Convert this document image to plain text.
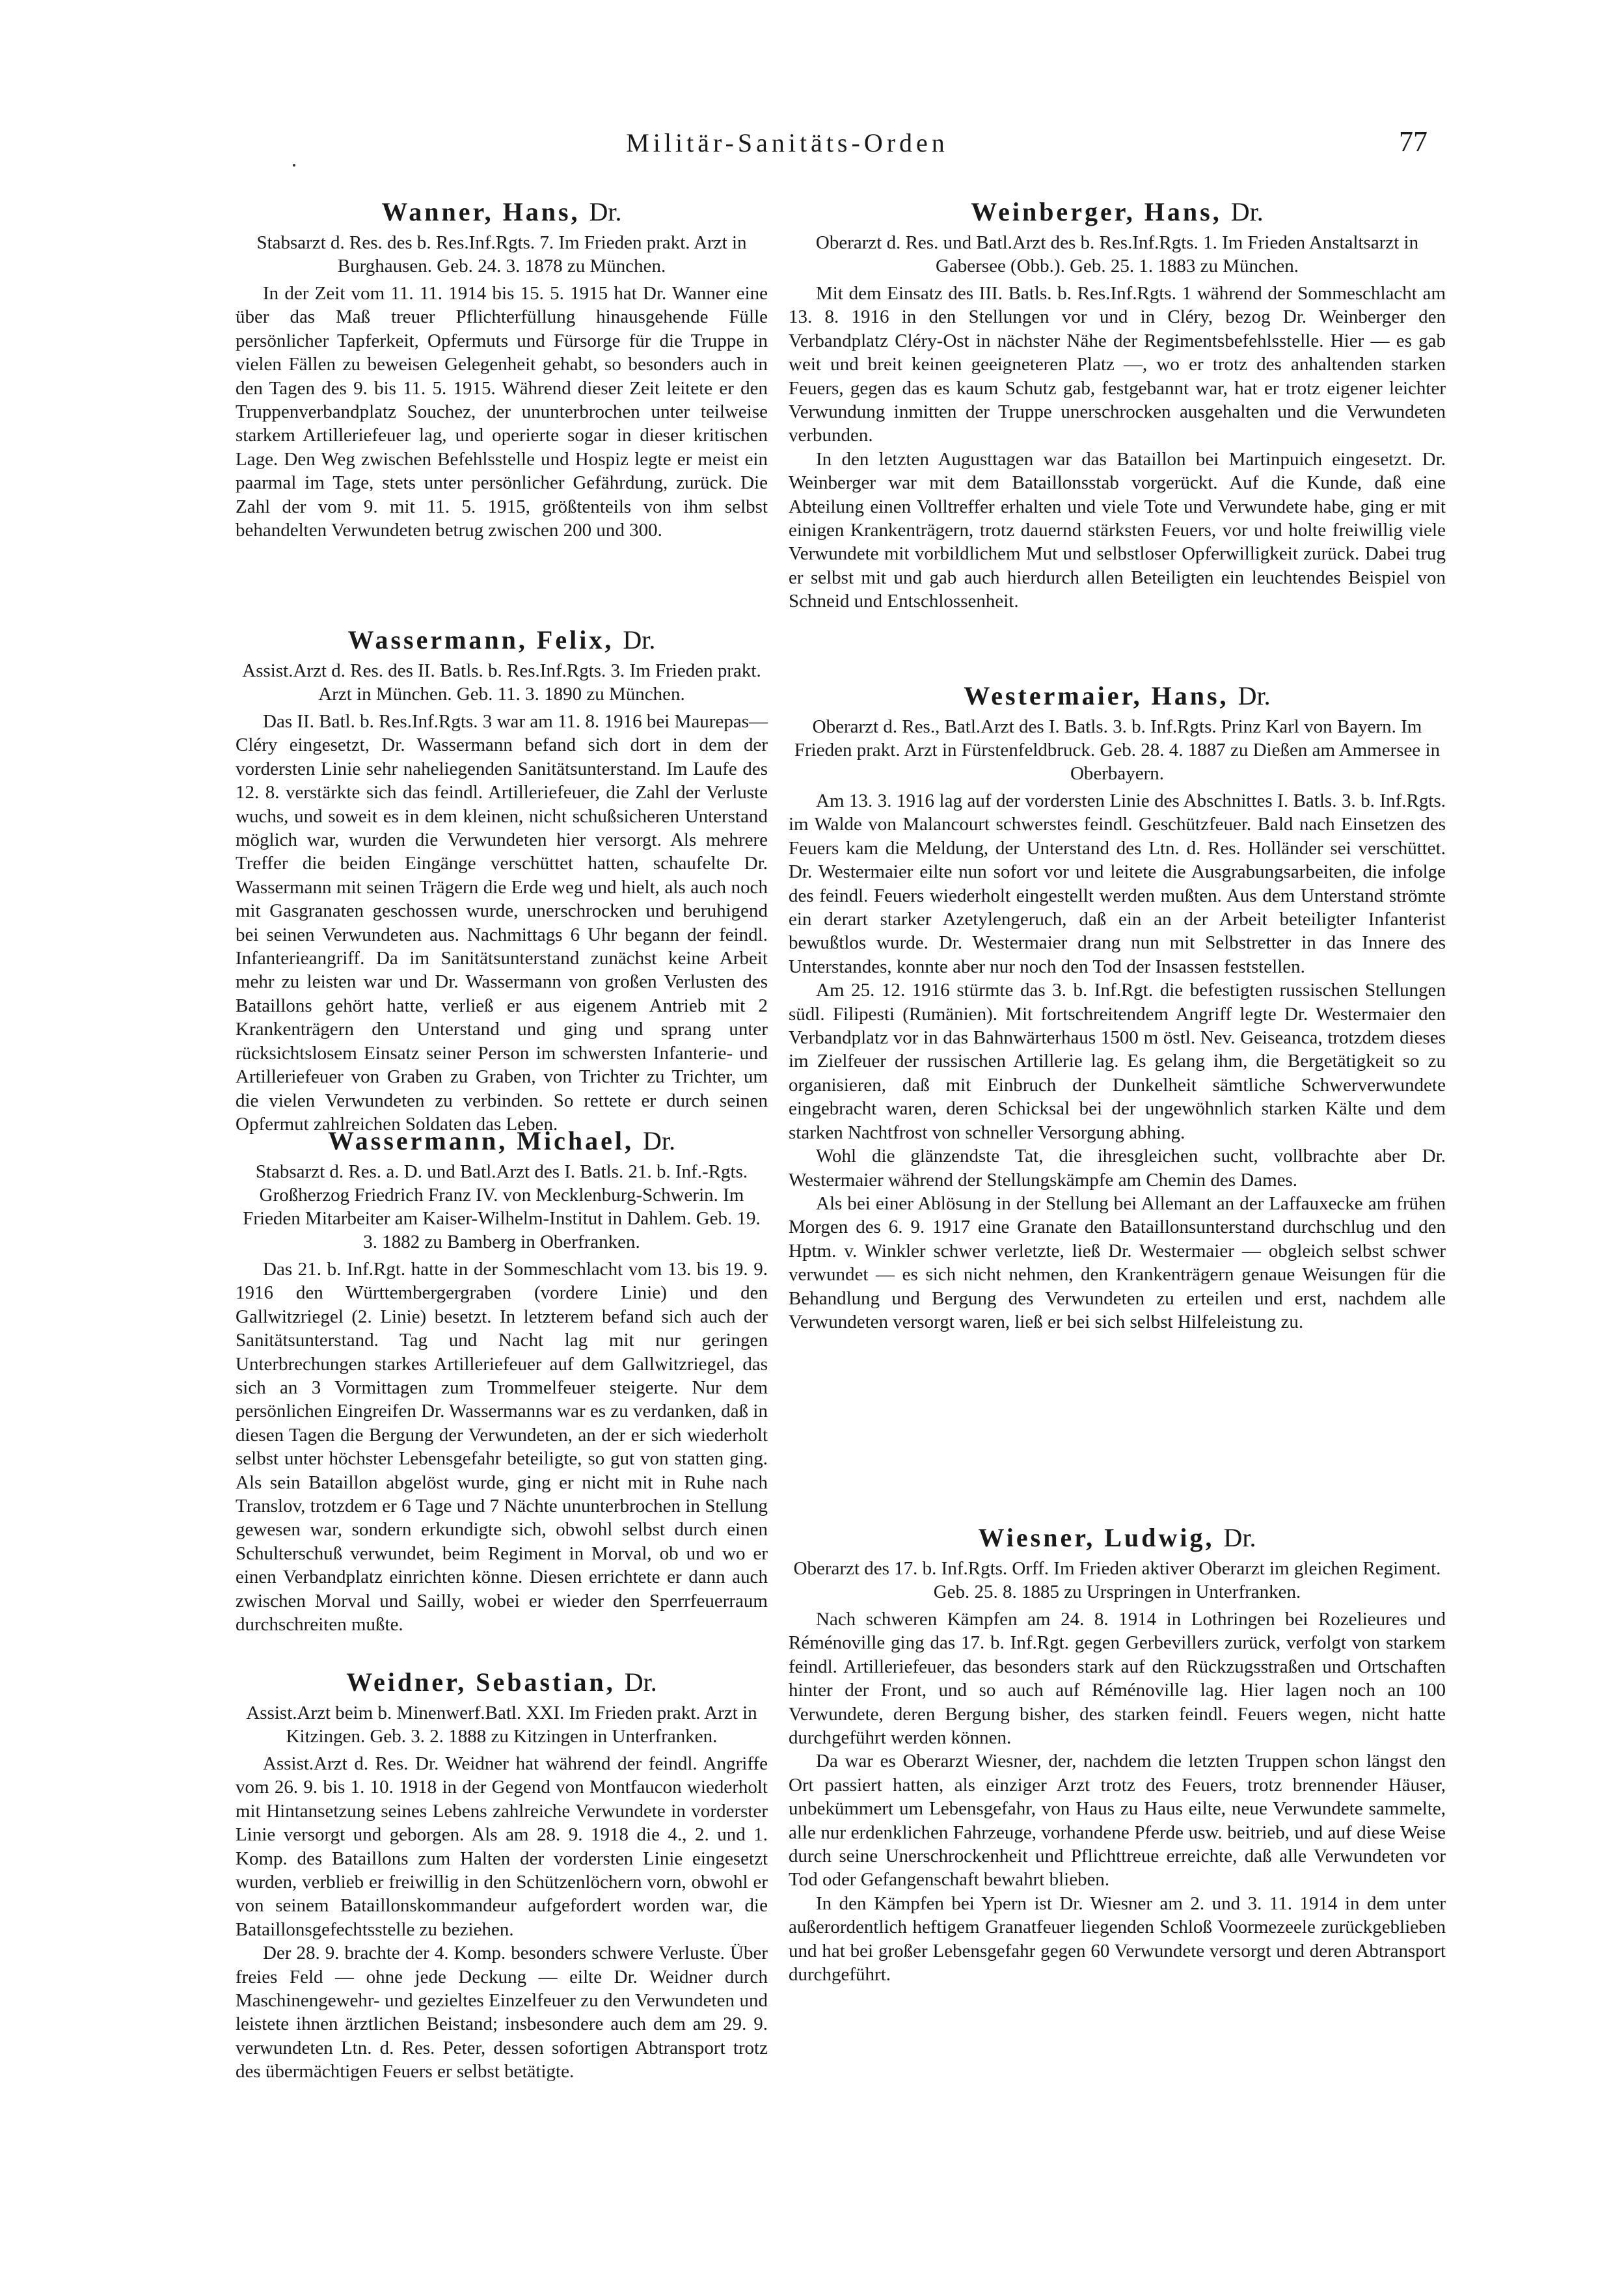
Militär-Sanitäts-Orden	77
Wanner, Hans, Dr.
Stabsarzt d. Res. des b. Res.Inf.Rgts. 7. Im Frieden prakt. Arzt in Burghausen. Geb. 24. 3. 1878 zu München.

In der Zeit vom 11. 11. 1914 bis 15. 5. 1915 hat Dr. Wanner eine über das Maß treuer Pflichterfüllung hinausgehende Fülle persönlicher Tapferkeit, Opfermuts und Fürsorge für die Truppe in vielen Fällen zu beweisen Gelegenheit gehabt, so besonders auch in den Tagen des 9. bis 11. 5. 1915. Während dieser Zeit leitete er den Truppenverbandplatz Souchez, der ununterbrochen unter teilweise starkem Artilleriefeuer lag, und operierte sogar in dieser kritischen Lage. Den Weg zwischen Befehlsstelle und Hospiz legte er meist ein paarmal im Tage, stets unter persönlicher Gefährdung, zurück. Die Zahl der vom 9. mit 11. 5. 1915, größtenteils von ihm selbst behandelten Verwundeten betrug zwischen 200 und 300.

Wassermann, Felix, Dr.
Assist.Arzt d. Res. des II. Batls. b. Res.Inf.Rgts. 3. Im Frieden prakt. Arzt in München. Geb. 11. 3. 1890 zu München.

Das II. Batl. b. Res.Inf.Rgts. 3 war am 11. 8. 1916 bei Maurepas—Cléry eingesetzt, Dr. Wassermann befand sich dort in dem der vordersten Linie sehr naheliegenden Sanitätsunterstand. Im Laufe des 12. 8. verstärkte sich das feindl. Artilleriefeuer, die Zahl der Verluste wuchs, und soweit es in dem kleinen, nicht schußsicheren Unterstand möglich war, wurden die Verwundeten hier versorgt. Als mehrere Treffer die beiden Eingänge verschüttet hatten, schaufelte Dr. Wassermann mit seinen Trägern die Erde weg und hielt, als auch noch mit Gasgranaten geschossen wurde, unerschrocken und beruhigend bei seinen Verwundeten aus. Nachmittags 6 Uhr begann der feindl. Infanterieangriff. Da im Sanitätsunterstand zunächst keine Arbeit mehr zu leisten war und Dr. Wassermann von großen Verlusten des Bataillons gehört hatte, verließ er aus eigenem Antrieb mit 2 Krankenträgern den Unterstand und ging und sprang unter rücksichtslosem Einsatz seiner Person im schwersten Infanterie- und Artilleriefeuer von Graben zu Graben, von Trichter zu Trichter, um die vielen Verwundeten zu verbinden. So rettete er durch seinen Opfermut zahlreichen Soldaten das Leben.

Wassermann, Michael, Dr.
Stabsarzt d. Res. a. D. und Batl.Arzt des I. Batls. 21. b. Inf.-Rgts. Großherzog Friedrich Franz IV. von Mecklenburg-Schwerin. Im Frieden Mitarbeiter am Kaiser-Wilhelm-Institut in Dahlem. Geb. 19. 3. 1882 zu Bamberg in Oberfranken.

Das 21. b. Inf.Rgt. hatte in der Sommeschlacht vom 13. bis 19. 9. 1916 den Württembergergraben (vordere Linie) und den Gallwitzriegel (2. Linie) besetzt. In letzterem befand sich auch der Sanitätsunterstand. Tag und Nacht lag mit nur geringen Unterbrechungen starkes Artilleriefeuer auf dem Gallwitzriegel, das sich an 3 Vormittagen zum Trommelfeuer steigerte. Nur dem persönlichen Eingreifen Dr. Wassermanns war es zu verdanken, daß in diesen Tagen die Bergung der Verwundeten, an der er sich wiederholt selbst unter höchster Lebensgefahr beteiligte, so gut von statten ging. Als sein Bataillon abgelöst wurde, ging er nicht mit in Ruhe nach Translov, trotzdem er 6 Tage und 7 Nächte ununterbrochen in Stellung gewesen war, sondern erkundigte sich, obwohl selbst durch einen Schulterschuß verwundet, beim Regiment in Morval, ob und wo er einen Verbandplatz einrichten könne. Diesen errichtete er dann auch zwischen Morval und Sailly, wobei er wieder den Sperrfeuerraum durchschreiten mußte.

Weidner, Sebastian, Dr.
Assist.Arzt beim b. Minenwerf.Batl. XXI. Im Frieden prakt. Arzt in Kitzingen. Geb. 3. 2. 1888 zu Kitzingen in Unterfranken.

Assist.Arzt d. Res. Dr. Weidner hat während der feindl. Angriffe vom 26. 9. bis 1. 10. 1918 in der Gegend von Montfaucon wiederholt mit Hintansetzung seines Lebens zahlreiche Verwundete in vorderster Linie versorgt und geborgen. Als am 28. 9. 1918 die 4., 2. und 1. Komp. des Bataillons zum Halten der vordersten Linie eingesetzt wurden, verblieb er freiwillig in den Schützenlöchern vorn, obwohl er von seinem Bataillonskommandeur aufgefordert worden war, die Bataillonsgefechtsstelle zu beziehen.

Der 28. 9. brachte der 4. Komp. besonders schwere Verluste. Über freies Feld — ohne jede Deckung — eilte Dr. Weidner durch Maschinengewehr- und gezieltes Einzelfeuer zu den Verwundeten und leistete ihnen ärztlichen Beistand; insbesondere auch dem am 29. 9. verwundeten Ltn. d. Res. Peter, dessen sofortigen Abtransport trotz des übermächtigen Feuers er selbst betätigte.

Weinberger, Hans, Dr.
Oberarzt d. Res. und Batl.Arzt des b. Res.Inf.Rgts. 1. Im Frieden Anstaltsarzt in Gabersee (Obb.). Geb. 25. 1. 1883 zu München.

Mit dem Einsatz des III. Batls. b. Res.Inf.Rgts. 1 während der Sommeschlacht am 13. 8. 1916 in den Stellungen vor und in Cléry, bezog Dr. Weinberger den Verbandplatz Cléry-Ost in nächster Nähe der Regimentsbefehlsstelle. Hier — es gab weit und breit keinen geeigneteren Platz —, wo er trotz des anhaltenden starken Feuers, gegen das es kaum Schutz gab, festgebannt war, hat er trotz eigener leichter Verwundung inmitten der Truppe unerschrocken ausgehalten und die Verwundeten verbunden.

In den letzten Augusttagen war das Bataillon bei Martinpuich eingesetzt. Dr. Weinberger war mit dem Bataillonsstab vorgerückt. Auf die Kunde, daß eine Abteilung einen Volltreffer erhalten und viele Tote und Verwundete habe, ging er mit einigen Krankenträgern, trotz dauernd stärksten Feuers, vor und holte freiwillig viele Verwundete mit vorbildlichem Mut und selbstloser Opferwilligkeit zurück. Dabei trug er selbst mit und gab auch hierdurch allen Beteiligten ein leuchtendes Beispiel von Schneid und Entschlossenheit.

Westermaier, Hans, Dr.
Oberarzt d. Res., Batl.Arzt des I. Batls. 3. b. Inf.Rgts. Prinz Karl von Bayern. Im Frieden prakt. Arzt in Fürstenfeldbruck. Geb. 28. 4. 1887 zu Dießen am Ammersee in Oberbayern.

Am 13. 3. 1916 lag auf der vordersten Linie des Abschnittes I. Batls. 3. b. Inf.Rgts. im Walde von Malancourt schwerstes feindl. Geschützfeuer. Bald nach Einsetzen des Feuers kam die Meldung, der Unterstand des Ltn. d. Res. Holländer sei verschüttet. Dr. Westermaier eilte nun sofort vor und leitete die Ausgrabungsarbeiten, die infolge des feindl. Feuers wiederholt eingestellt werden mußten. Aus dem Unterstand strömte ein derart starker Azetylengeruch, daß ein an der Arbeit beteiligter Infanterist bewußtlos wurde. Dr. Westermaier drang nun mit Selbstretter in das Innere des Unterstandes, konnte aber nur noch den Tod der Insassen feststellen.

Am 25. 12. 1916 stürmte das 3. b. Inf.Rgt. die befestigten russischen Stellungen südl. Filipesti (Rumänien). Mit fortschreitendem Angriff legte Dr. Westermaier den Verbandplatz vor in das Bahnwärterhaus 1500 m östl. Nev. Geiseanca, trotzdem dieses im Zielfeuer der russischen Artillerie lag. Es gelang ihm, die Bergetätigkeit so zu organisieren, daß mit Einbruch der Dunkelheit sämtliche Schwerverwundete eingebracht waren, deren Schicksal bei der ungewöhnlich starken Kälte und dem starken Nachtfrost von schneller Versorgung abhing.

Wohl die glänzendste Tat, die ihresgleichen sucht, vollbrachte aber Dr. Westermaier während der Stellungskämpfe am Chemin des Dames.

Als bei einer Ablösung in der Stellung bei Allemant an der Laffauxecke am frühen Morgen des 6. 9. 1917 eine Granate den Bataillonsunterstand durchschlug und den Hptm. v. Winkler schwer verletzte, ließ Dr. Westermaier — obgleich selbst schwer verwundet — es sich nicht nehmen, den Krankenträgern genaue Weisungen für die Behandlung und Bergung des Verwundeten zu erteilen und erst, nachdem alle Verwundeten versorgt waren, ließ er bei sich selbst Hilfeleistung zu.

Wiesner, Ludwig, Dr.
Oberarzt des 17. b. Inf.Rgts. Orff. Im Frieden aktiver Oberarzt im gleichen Regiment. Geb. 25. 8. 1885 zu Urspringen in Unterfranken.

Nach schweren Kämpfen am 24. 8. 1914 in Lothringen bei Rozelieures und Réménoville ging das 17. b. Inf.Rgt. gegen Gerbevillers zurück, verfolgt von starkem feindl. Artilleriefeuer, das besonders stark auf den Rückzugsstraßen und Ortschaften hinter der Front, und so auch auf Réménoville lag. Hier lagen noch an 100 Verwundete, deren Bergung bisher, des starken feindl. Feuers wegen, nicht hatte durchgeführt werden können.

Da war es Oberarzt Wiesner, der, nachdem die letzten Truppen schon längst den Ort passiert hatten, als einziger Arzt trotz des Feuers, trotz brennender Häuser, unbekümmert um Lebensgefahr, von Haus zu Haus eilte, neue Verwundete sammelte, alle nur erdenklichen Fahrzeuge, vorhandene Pferde usw. beitrieb, und auf diese Weise durch seine Unerschrockenheit und Pflichttreue erreichte, daß alle Verwundeten vor Tod oder Gefangenschaft bewahrt blieben.

In den Kämpfen bei Ypern ist Dr. Wiesner am 2. und 3. 11. 1914 in dem unter außerordentlich heftigem Granatfeuer liegenden Schloß Voormezeele zurückgeblieben und hat bei großer Lebensgefahr gegen 60 Verwundete versorgt und deren Abtransport durchgeführt.
